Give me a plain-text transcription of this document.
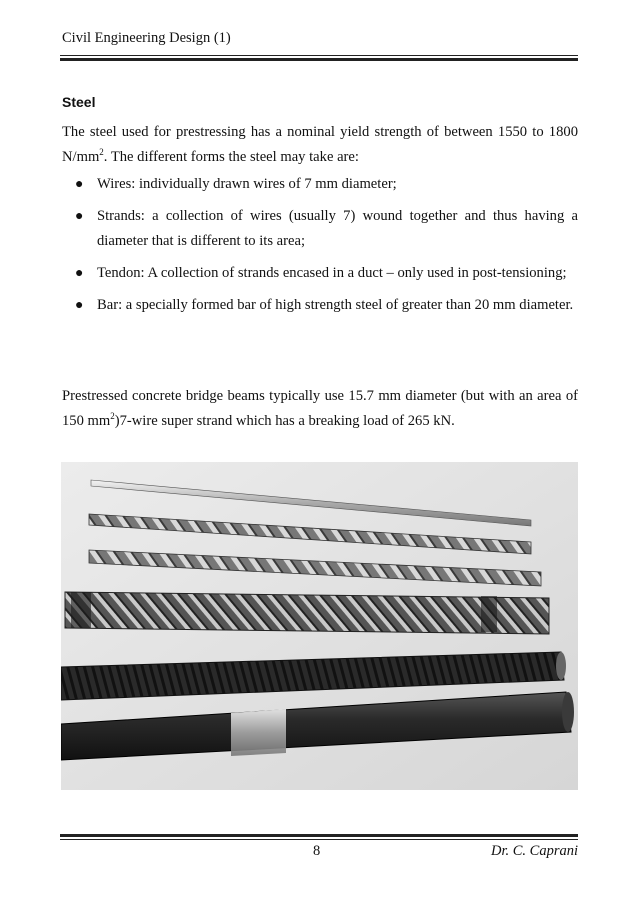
Civil Engineering Design (1)
Steel
The steel used for prestressing has a nominal yield strength of between 1550 to 1800 $N/mm^2$. The different forms the steel may take are:
● Wires: individually drawn wires of 7 mm diameter;
● Strands: a collection of wires (usually 7) wound together and thus having a diameter that is different to its area;
● Tendon: A collection of strands encased in a duct – only used in post-tensioning;
● Bar: a specially formed bar of high strength steel of greater than 20 mm diameter.
Prestressed concrete bridge beams typically use 15.7 mm diameter (but with an area of 150 $mm^2)7$-wire super strand which has a breaking load of 265 kN.
8	Dr. C. Caprani
